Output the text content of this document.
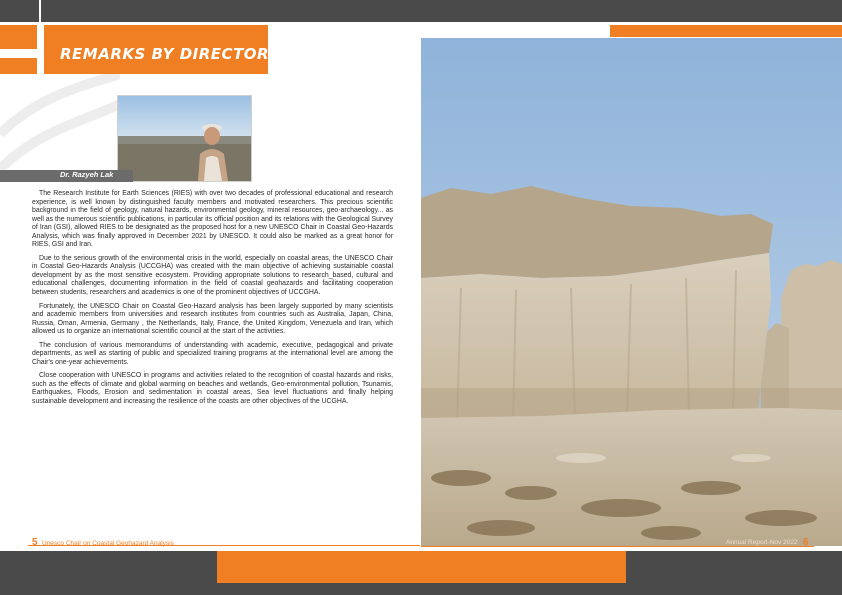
REMARKS BY DIRECTOR OF THE RIES
Dr. Razyeh Lak

The Research Institute for Earth Sciences (RIES) with over two decades of professional educational and research experience, is well known by distinguished faculty members and motivated researchers. This precious scientific background in the field of geology, natural hazards, environmental geology, mineral resources, geo-archaeology... as well as the numerous scientific publications, in particular its official position and its relations with the Geological Survey of Iran (GSI), allowed RIES to be designated as the proposed host for a new UNESCO Chair in Coastal Geo-Hazards Analysis, which was finally approved in December 2021 by UNESCO. It could also be marked as a great honor for RIES, GSI and Iran.

Due to the serious growth of the environmental crisis in the world, especially on coastal areas, the UNESCO Chair in Coastal Geo-Hazards Analysis (UCCGHA) was created with the main objective of achieving sustainable coastal development by as the most sensitive ecosystem. Providing appropriate solutions to research_based, cultural and educational challenges, documenting information in the field of coastal geohazards and facilitating cooperation between students, researchers and academics is one of the prominent objectives of UCCGHA.

Fortunately, the UNESCO Chair on Coastal Geo-Hazard analysis has been largely supported by many scientists and academic members from universities and research institutes from countries such as Australia, Japan, China, Russia, Oman, Armenia, Germany , the Netherlands, Italy, France, the United Kingdom, Venezuela and Iran, which allowed us to organize an international scientific council at the start of the activities.

The conclusion of various memorandums of understanding with academic, executive, pedagogical and private departments, as well as starting of public and specialized training programs at the international level are among the Chair's one-year achievements.

Close cooperation with UNESCO in programs and activities related to the recognition of coastal hazards and risks, such as the effects of climate and global warming on beaches and wetlands, Geo-environmental pollution, Tsunamis, Earthquakes, Floods, Erosion and sedimentation in coastal areas, Sea level fluctuations and finally helping sustainable development and increasing the resilience of the coasts are other objectives of the UCGHA.

5 Unesco Chair on Coastal Geohazard Analysis	Annual Report-Nov 2022 6
